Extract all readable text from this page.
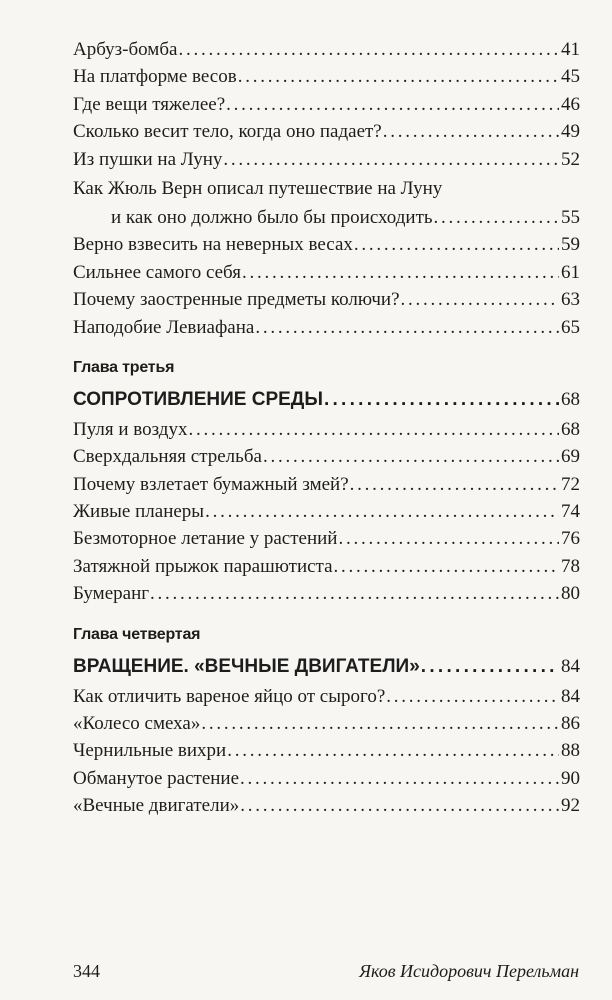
Арбуз-бомба . . .	41
На платформе весов . . .	45
Где вещи тяжелее? . . .	46
Сколько весит тело, когда оно падает? . . .	49
Из пушки на Луну . . .	52
Как Жюль Верн описал путешествие на Луну
и как оно должно было бы происходить . . .	55
Верно взвесить на неверных весах . . .	59
Сильнее самого себя . . .	61
Почему заостренные предметы колючи? . . .	63
Наподобие Левиафана . . .	65
Глава третья
СОПРОТИВЛЕНИЕ СРЕДЫ . . .	68
Пуля и воздух . . .	68
Сверхдальняя стрельба . . .	69
Почему взлетает бумажный змей? . . .	72
Живые планеры . . .	74
Безмоторное летание у растений . . .	76
Затяжной прыжок парашютиста . . .	78
Бумеранг . . .	80
Глава четвертая
ВРАЩЕНИЕ. «ВЕЧНЫЕ ДВИГАТЕЛИ» . . .	84
Как отличить вареное яйцо от сырого? . . .	84
«Колесо смеха» . . .	86
Чернильные вихри . . .	88
Обманутое растение . . .	90
«Вечные двигатели» . . .	92
344	Яков Исидорович Перельман
